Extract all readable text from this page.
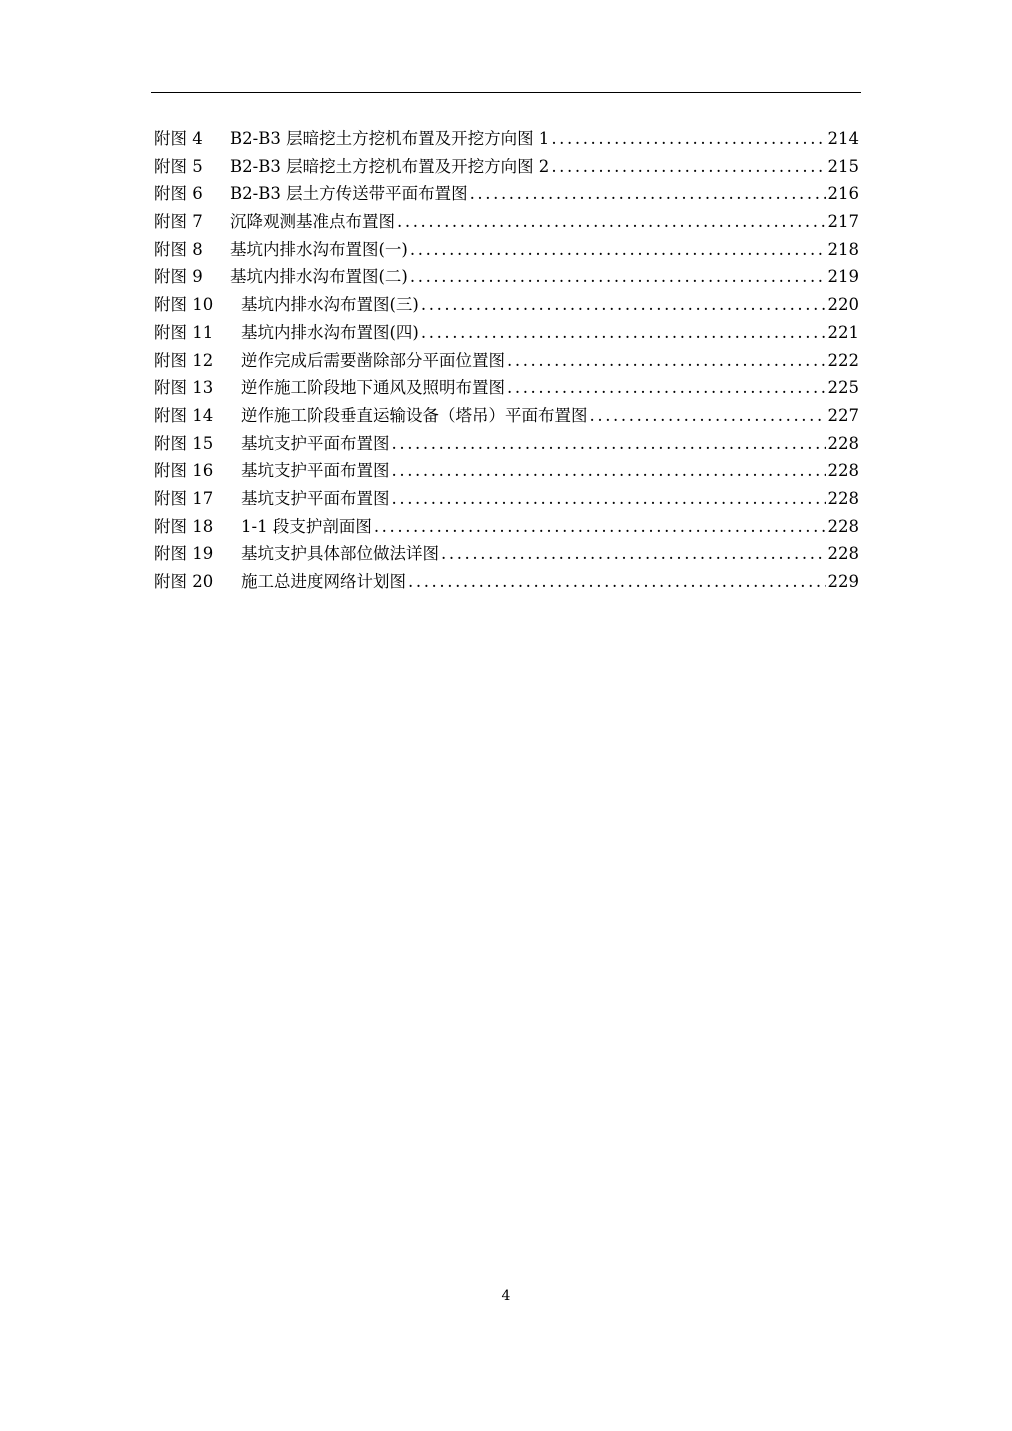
附图 4	B2-B3 层暗挖土方挖机布置及开挖方向图 1 .....	214
附图 5	B2-B3 层暗挖土方挖机布置及开挖方向图 2 .....	215
附图 6	B2-B3 层土方传送带平面布置图 .....	216
附图 7	沉降观测基准点布置图 .....	217
附图 8	基坑内排水沟布置图(一) .....	218
附图 9	基坑内排水沟布置图(二) .....	219
附图 10	基坑内排水沟布置图(三) .....	220
附图 11	基坑内排水沟布置图(四) .....	221
附图 12	逆作完成后需要凿除部分平面位置图 .....	222
附图 13	逆作施工阶段地下通风及照明布置图 .....	225
附图 14	逆作施工阶段垂直运输设备（塔吊）平面布置图 .....	227
附图 15	基坑支护平面布置图 .....	228
附图 16	基坑支护平面布置图 .....	228
附图 17	基坑支护平面布置图 .....	228
附图 18	1-1 段支护剖面图 .....	228
附图 19	基坑支护具体部位做法详图 .....	228
附图 20	施工总进度网络计划图 .....	229
4
